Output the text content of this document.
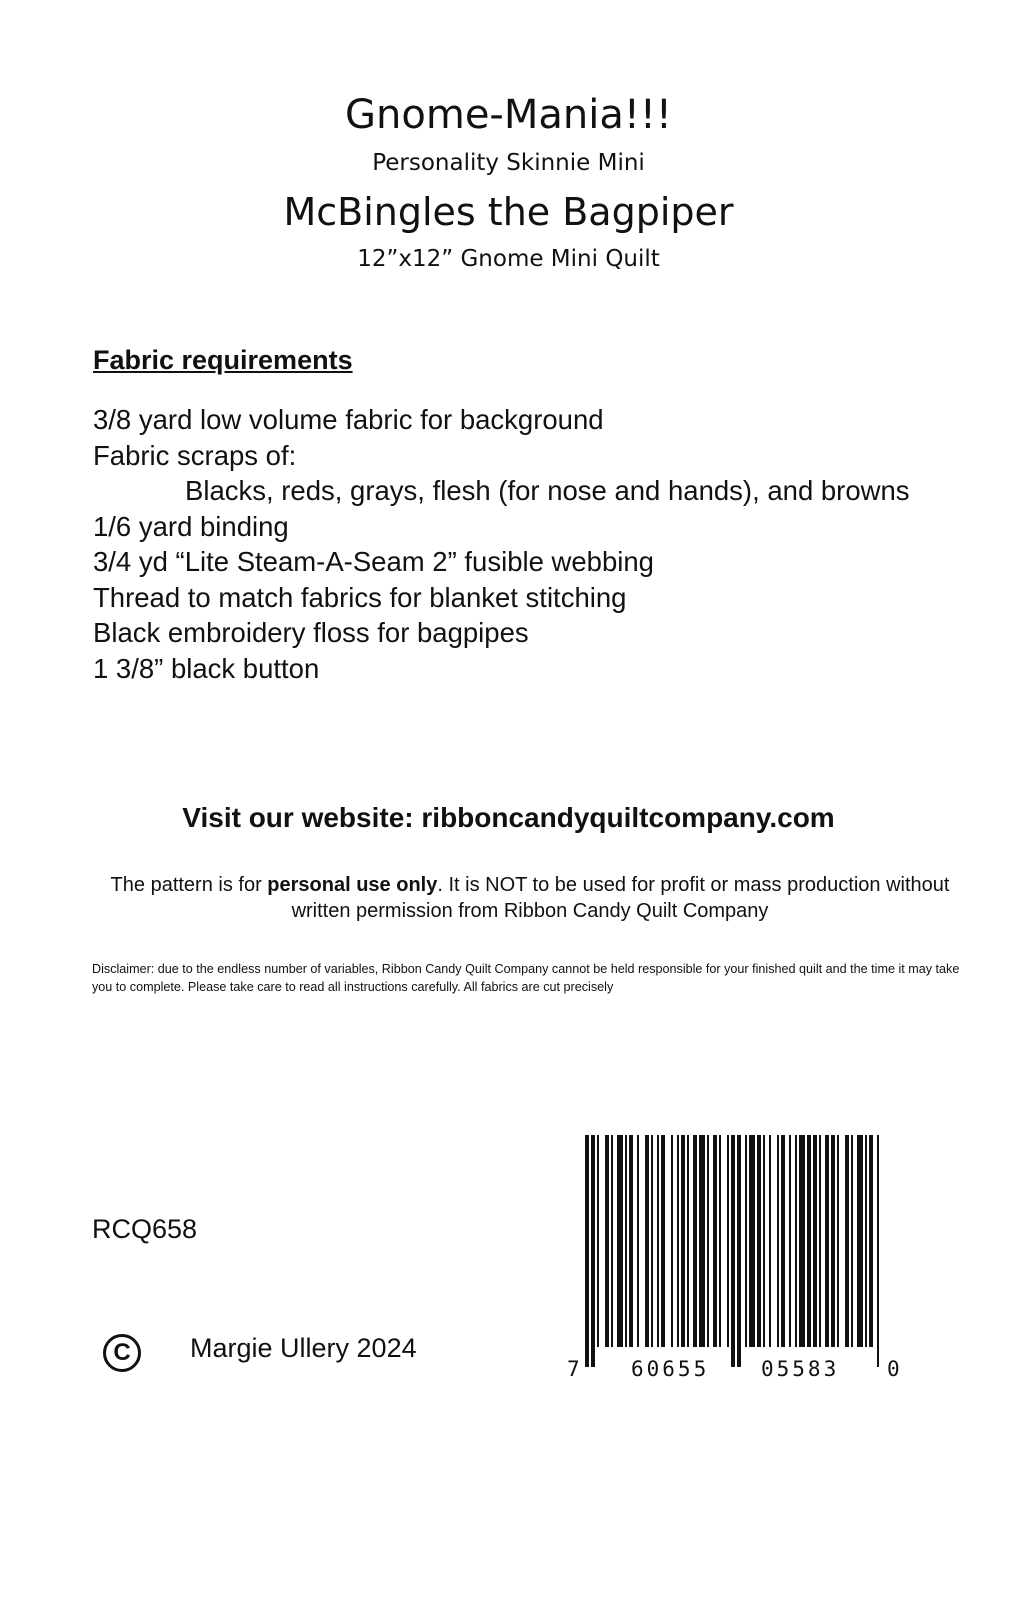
Gnome-Mania!!!
Personality Skinnie Mini
McBingles the Bagpiper
12”x12” Gnome Mini Quilt
Fabric requirements
3/8 yard low volume fabric for background
Fabric scraps of:
Blacks, reds, grays, flesh (for nose and hands), and browns
1/6 yard binding
3/4 yd “Lite Steam-A-Seam 2” fusible webbing
Thread to match fabrics for blanket stitching
Black embroidery floss for bagpipes
1 3/8” black button
Visit our website: ribboncandyquiltcompany.com
The pattern is for personal use only. It is NOT to be used for profit or mass production without written permission from Ribbon Candy Quilt Company
Disclaimer: due to the endless number of variables, Ribbon Candy Quilt Company cannot be held responsible for your finished quilt and the time it may take you to complete. Please take care to read all instructions carefully. All fabrics are cut precisely
RCQ658
C	Margie Ullery 2024
7 60655 05583 0
